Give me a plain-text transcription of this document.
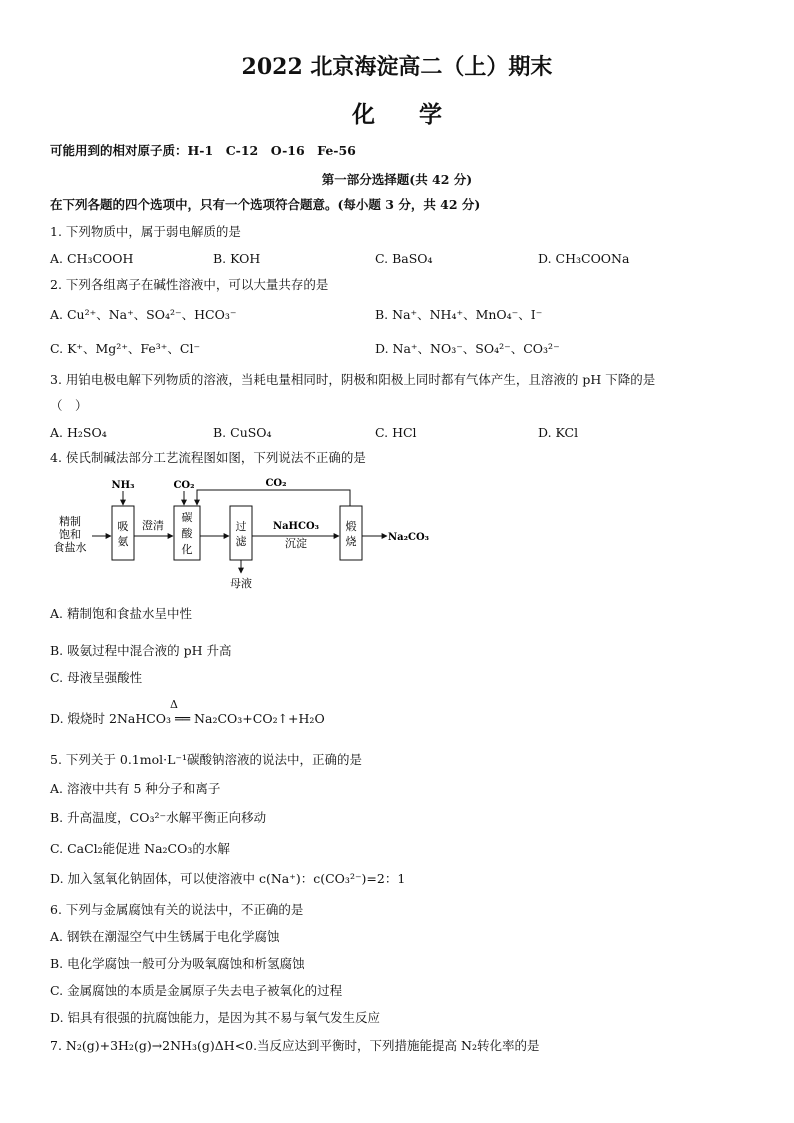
2022 北京海淀高二（上）期末
化学
可能用到的相对原子质：H-1　C-12　O-16　Fe-56
第一部分选择题(共 42 分)
在下列各题的四个选项中，只有一个选项符合题意。(每小题 3 分，共 42 分)
1. 下列物质中，属于弱电解质的是
A. CH₃COOH	B. KOH	C. BaSO₄	D. CH₃COONa
2. 下列各组离子在碱性溶液中，可以大量共存的是
A. Cu²⁺、Na⁺、SO₄²⁻、HCO₃⁻	B. Na⁺、NH₄⁺、MnO₄⁻、I⁻
C. K⁺、Mg²⁺、Fe³⁺、Cl⁻	D. Na⁺、NO₃⁻、SO₄²⁻、CO₃²⁻
3. 用铂电极电解下列物质的溶液，当耗电量相同时，阴极和阳极上同时都有气体产生，且溶液的 pH 下降的是
（　）
A. H₂SO₄	B. CuSO₄	C. HCl	D. KCl
4. 侯氏制碱法部分工艺流程图如图，下列说法不正确的是
精制
饱和
食盐水
吸
氨
NH₃
澄清
碳
酸
化
CO₂	CO₂
过
滤
母液
NaHCO₃
沉淀
煅
烧	Na₂CO₃
A. 精制饱和食盐水呈中性
B. 吸氨过程中混合液的 pH 升高
C. 母液呈强酸性
Δ
D. 煅烧时 2NaHCO₃ ══ Na₂CO₃+CO₂↑+H₂O
5. 下列关于 0.1mol·L⁻¹碳酸钠溶液的说法中，正确的是
A. 溶液中共有 5 种分子和离子
B. 升高温度，CO₃²⁻水解平衡正向移动
C. CaCl₂能促进 Na₂CO₃的水解
D. 加入氢氧化钠固体，可以使溶液中 c(Na⁺)：c(CO₃²⁻)=2：1
6. 下列与金属腐蚀有关的说法中，不正确的是
A. 钢铁在潮湿空气中生锈属于电化学腐蚀
B. 电化学腐蚀一般可分为吸氧腐蚀和析氢腐蚀
C. 金属腐蚀的本质是金属原子失去电子被氧化的过程
D. 铝具有很强的抗腐蚀能力，是因为其不易与氧气发生反应
7. N₂(g)+3H₂(g)→2NH₃(g)ΔH<0.当反应达到平衡时，下列措施能提高 N₂转化率的是
